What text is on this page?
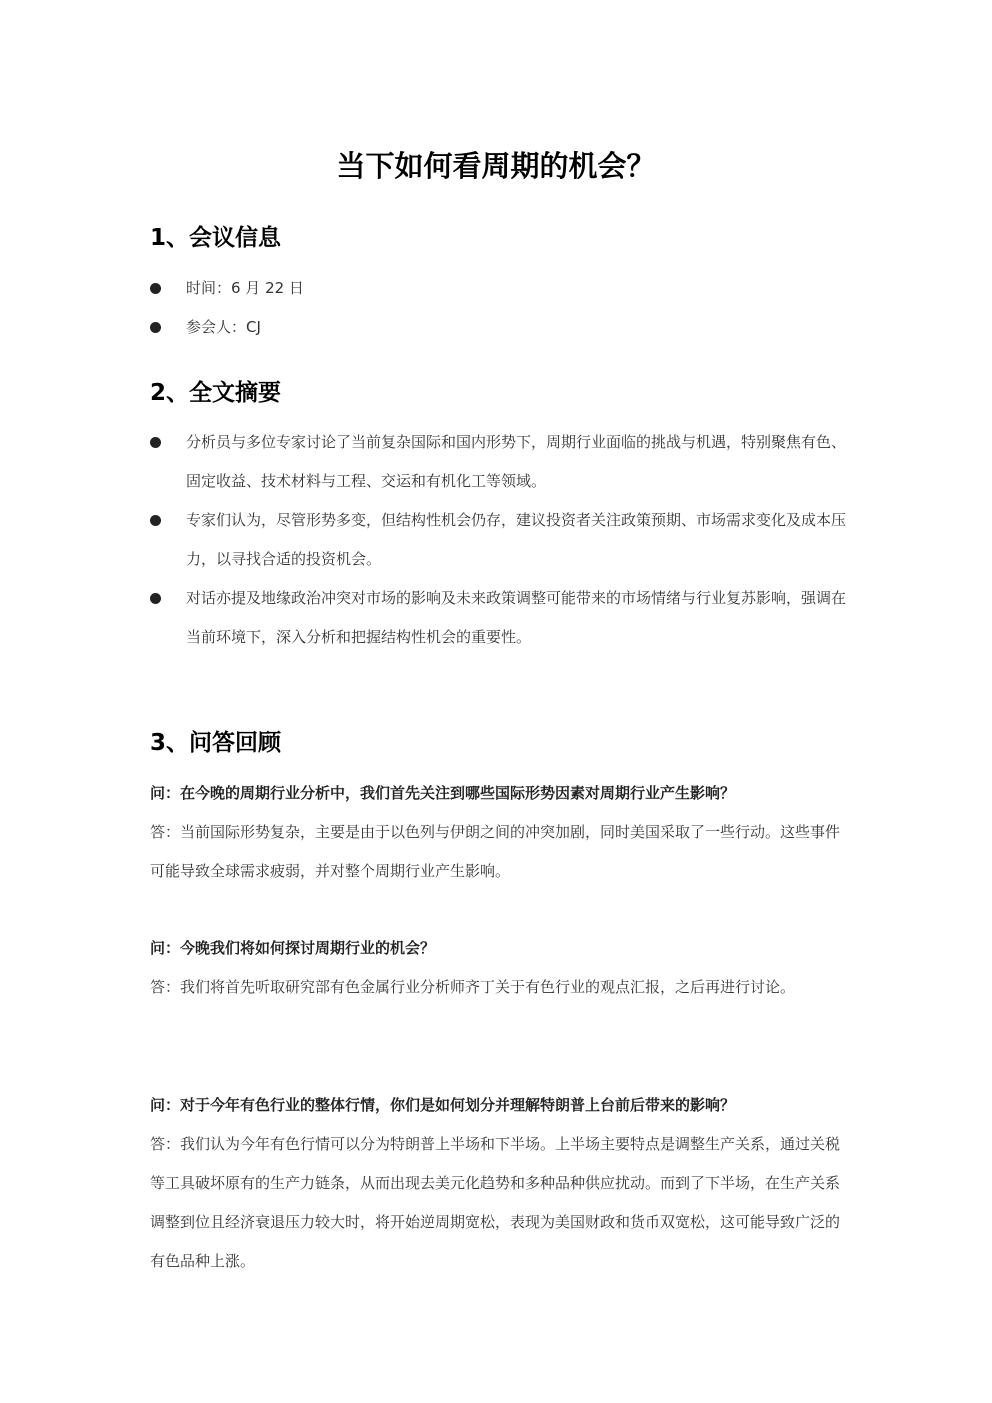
当下如何看周期的机会？
1、会议信息
时间：6 月 22 日
参会人：CJ
2、全文摘要
分析员与多位专家讨论了当前复杂国际和国内形势下，周期行业面临的挑战与机遇，特别聚焦有色、固定收益、技术材料与工程、交运和有机化工等领域。
专家们认为，尽管形势多变，但结构性机会仍存，建议投资者关注政策预期、市场需求变化及成本压力，以寻找合适的投资机会。
对话亦提及地缘政治冲突对市场的影响及未来政策调整可能带来的市场情绪与行业复苏影响，强调在当前环境下，深入分析和把握结构性机会的重要性。
3、问答回顾

问：在今晚的周期行业分析中，我们首先关注到哪些国际形势因素对周期行业产生影响？

答：当前国际形势复杂，主要是由于以色列与伊朗之间的冲突加剧，同时美国采取了一些行动。这些事件可能导致全球需求疲弱，并对整个周期行业产生影响。

问：今晚我们将如何探讨周期行业的机会？

答：我们将首先听取研究部有色金属行业分析师齐丁关于有色行业的观点汇报，之后再进行讨论。

问：对于今年有色行业的整体行情，你们是如何划分并理解特朗普上台前后带来的影响？

答：我们认为今年有色行情可以分为特朗普上半场和下半场。上半场主要特点是调整生产关系，通过关税等工具破坏原有的生产力链条，从而出现去美元化趋势和多种品种供应扰动。而到了下半场，在生产关系调整到位且经济衰退压力较大时，将开始逆周期宽松，表现为美国财政和货币双宽松，这可能导致广泛的有色品种上涨。
